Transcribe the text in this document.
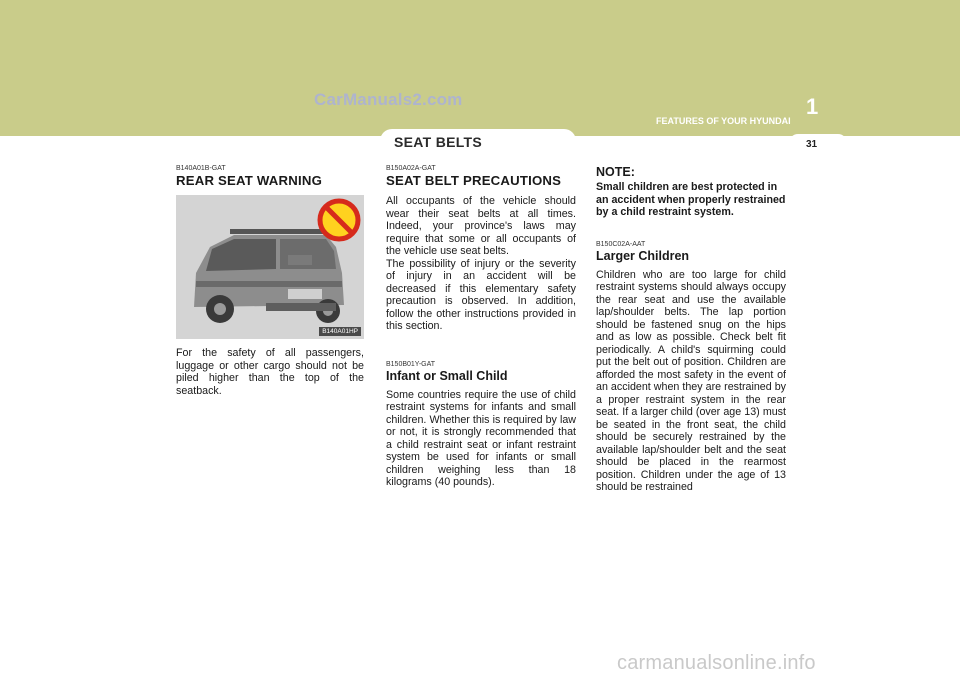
CarManuals2.com
SEAT BELTS
1
FEATURES OF YOUR HYUNDAI
31
B140A01B-GAT
REAR SEAT WARNING
B140A01HP

For the safety of all passengers, luggage or other cargo should not be piled higher than the top of the seatback.

B150A02A-GAT
SEAT BELT PRECAUTIONS

All occupants of the vehicle should wear their seat belts at all times. Indeed, your province's laws may require that some or all occupants of the vehicle use seat belts.

The possibility of injury or the severity of injury in an accident will be decreased if this elementary safety precaution is observed. In addition, follow the other instructions provided in this section.

B150B01Y-GAT
Infant or Small Child

Some countries require the use of child restraint systems for infants and small children. Whether this is required by law or not, it is strongly recommended that a child restraint seat or infant restraint system be used for infants or small children weighing less than 18 kilograms (40 pounds).

NOTE:

Small children are best protected in an accident when properly restrained by a child restraint system.

B150C02A-AAT
Larger Children

Children who are too large for child restraint systems should always occupy the rear seat and use the available lap/shoulder belts. The lap portion should be fastened snug on the hips and as low as possible. Check belt fit periodically. A child's squirming could put the belt out of position. Children are afforded the most safety in the event of an accident when they are restrained by a proper restraint system in the rear seat. If a larger child (over age 13) must be seated in the front seat, the child should be securely restrained by the available lap/shoulder belt and the seat should be placed in the rearmost position. Children under the age of 13 should be restrained

carmanualsonline.info
